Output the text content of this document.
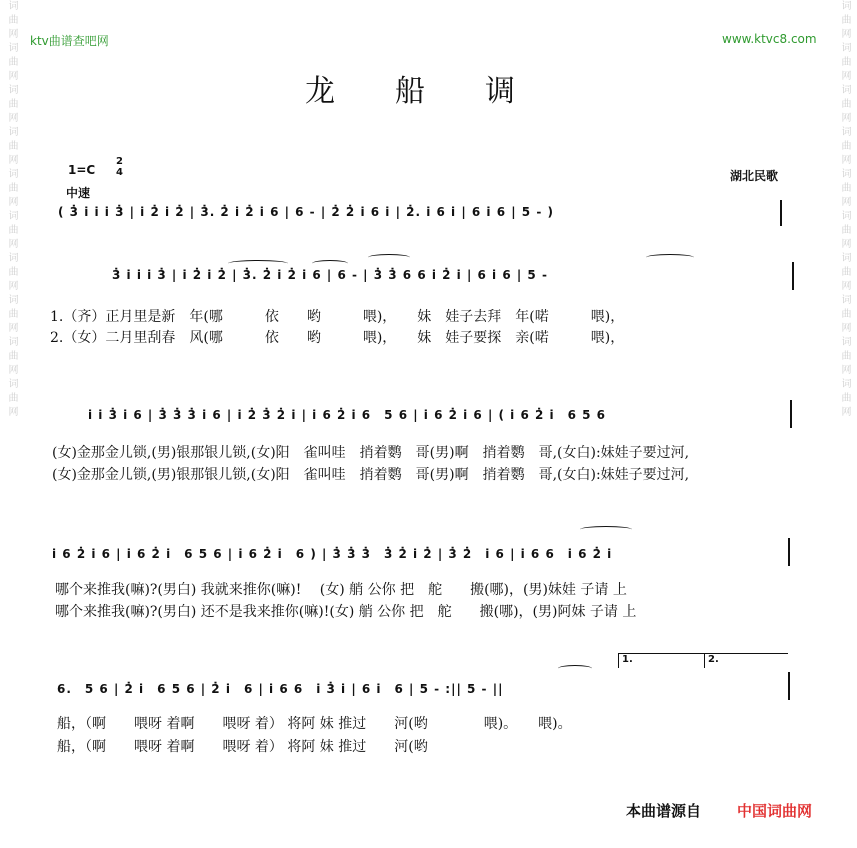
词曲网词曲网词曲网词曲网词曲网词曲网词曲网词曲网词曲网词曲网	词曲网词曲网词曲网词曲网词曲网词曲网词曲网词曲网词曲网词曲网
ktv曲谱查吧网	www.ktvc8.com
龙船调
1=C
2
4
中速
湖北民歌
( 3̇ i i i 3̇ | i 2̇ i 2̇ | 3̇. 2̇ i 2̇ i 6 | 6 - | 2̇ 2̇ i 6 i | 2̇. i 6 i | 6 i 6 | 5 - )
3̇ i i i 3̇ | i 2̇ i 2̇ | 3̇. 2̇ i 2̇ i 6 | 6 - | 3̇ 3̇ 6 6 i 2̇ i | 6 i 6 | 5 -
1.（齐）正月里是新　年(哪　　　依　　哟　　　喂)，　　妹　娃子去拜　年(喏　　　喂)，
2.（女）二月里刮春　风(哪　　　依　　哟　　　喂)，　　妹　娃子要探　亲(喏　　　喂)，
i i 3̇ i 6 | 3̇ 3̇ 3̇ i 6 | i 2̇ 3̇ 2̇ i | i 6 2̇ i 6　5 6 | i 6 2̇ i 6 | ( i 6 2̇ i　6 5 6
(女)金那金儿锁,(男)银那银儿锁,(女)阳　雀叫哇　捎着鹦　哥(男)啊　捎着鹦　哥,(女白):妹娃子要过河,
(女)金那金儿锁,(男)银那银儿锁,(女)阳　雀叫哇　捎着鹦　哥(男)啊　捎着鹦　哥,(女白):妹娃子要过河,
i 6 2̇ i 6 | i 6 2̇ i　6 5 6 | i 6 2̇ i　6 ) | 3̇ 3̇ 3̇　3̇ 2̇ i 2̇ | 3̇ 2̇　i 6 | i 6 6　i 6 2̇ i
哪个来推我(嘛)?(男白) 我就来推你(嘛)!　 (女) 艄 公你 把　舵　　搬(哪)，(男)妹娃 子请 上
哪个来推我(嘛)?(男白) 还不是我来推你(嘛)!(女) 艄 公你 把　舵　　搬(哪)，(男)阿妹 子请 上
1.	2.
6.　5 6 | 2̇ i　6 5 6 | 2̇ i　6 | i 6 6　i 3̇ i | 6 i　6 | 5 - :|| 5 - ||
船，（啊　　喂呀 着啊　　喂呀 着） 将阿 妹 推过　　河(哟　　　　喂)。　　喂)。
船，（啊　　喂呀 着啊　　喂呀 着） 将阿 妹 推过　　河(哟
本曲谱源自 中国词曲网
